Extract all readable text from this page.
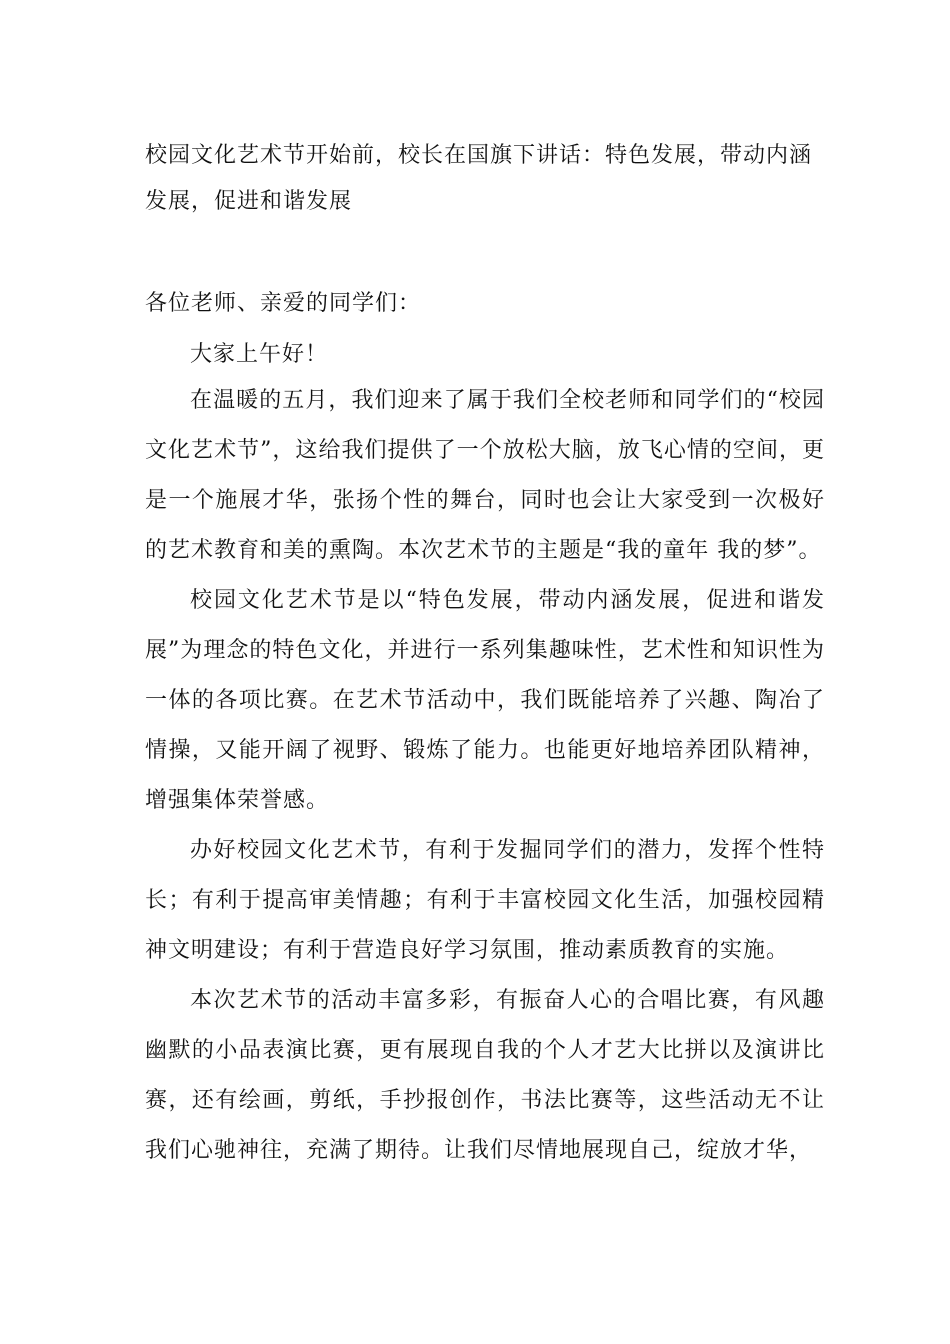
校园文化艺术节开始前，校长在国旗下讲话：特色发展，带动内涵发展，促进和谐发展

各位老师、亲爱的同学们：

大家上午好！

在温暖的五月，我们迎来了属于我们全校老师和同学们的“校园文化艺术节”，这给我们提供了一个放松大脑，放飞心情的空间，更是一个施展才华，张扬个性的舞台，同时也会让大家受到一次极好的艺术教育和美的熏陶。本次艺术节的主题是“我的童年 我的梦”。

校园文化艺术节是以“特色发展，带动内涵发展，促进和谐发展”为理念的特色文化，并进行一系列集趣味性，艺术性和知识性为一体的各项比赛。在艺术节活动中，我们既能培养了兴趣、陶冶了情操，又能开阔了视野、锻炼了能力。也能更好地培养团队精神，增强集体荣誉感。

办好校园文化艺术节，有利于发掘同学们的潜力，发挥个性特长；有利于提高审美情趣；有利于丰富校园文化生活，加强校园精神文明建设；有利于营造良好学习氛围，推动素质教育的实施。

本次艺术节的活动丰富多彩，有振奋人心的合唱比赛，有风趣幽默的小品表演比赛，更有展现自我的个人才艺大比拼以及演讲比赛，还有绘画，剪纸，手抄报创作，书法比赛等，这些活动无不让我们心驰神往，充满了期待。让我们尽情地展现自己，绽放才华，
